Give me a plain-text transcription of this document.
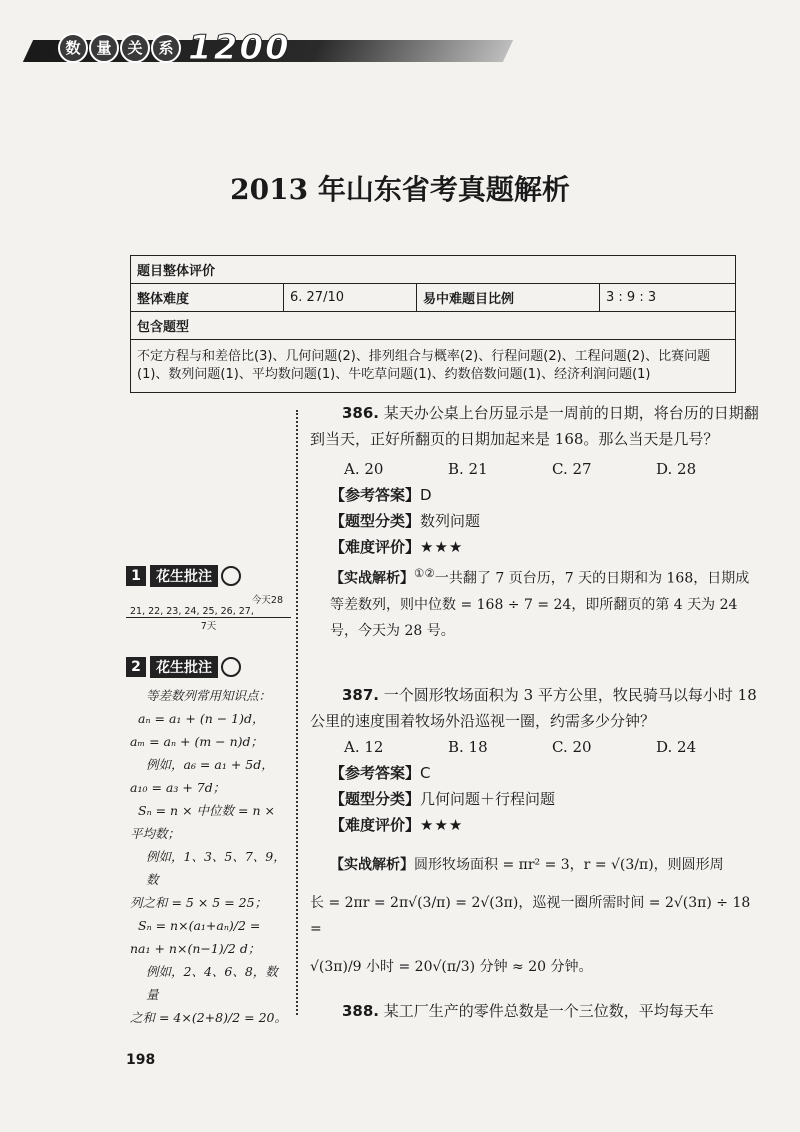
数 量 关 系 1200
2013 年山东省考真题解析
题目整体评价
整体难度	6. 27/10	易中难题目比例	3 : 9 : 3
包含题型
不定方程与和差倍比(3)、几何问题(2)、排列组合与概率(2)、行程问题(2)、工程问题(2)、比赛问题(1)、数列问题(1)、平均数问题(1)、牛吃草问题(1)、约数倍数问题(1)、经济利润问题(1)
1	花生批注
今天28
21, 22, 23, 24, 25, 26, 27,
7天
2	花生批注
等差数列常用知识点：
aₙ = a₁ + (n − 1)d，
aₘ = aₙ + (m − n)d；
例如，a₆ = a₁ + 5d，
a₁₀ = a₃ + 7d；
Sₙ = n × 中位数 = n ×
平均数；
例如，1、3、5、7、9，数
列之和 = 5 × 5 = 25；
Sₙ = n×(a₁+aₙ)/2 =
na₁ + n×(n−1)/2 d；
例如，2、4、6、8，数量
之和 = 4×(2+8)/2 = 20。

386. 某天办公桌上台历显示是一周前的日期，将台历的日期翻到当天，正好所翻页的日期加起来是 168。那么当天是几号？

A. 20	B. 21	C. 27	D. 28

【参考答案】D

【题型分类】数列问题

【难度评价】★★★

【实战解析】①②一共翻了 7 页台历，7 天的日期和为 168，日期成等差数列，则中位数 = 168 ÷ 7 = 24，即所翻页的第 4 天为 24 号，今天为 28 号。

387. 一个圆形牧场面积为 3 平方公里，牧民骑马以每小时 18 公里的速度围着牧场外沿巡视一圈，约需多少分钟？

A. 12	B. 18	C. 20	D. 24

【参考答案】C

【题型分类】几何问题＋行程问题

【难度评价】★★★

【实战解析】圆形牧场面积 = πr² = 3，r = √(3/π)，则圆形周

长 = 2πr = 2π√(3/π) = 2√(3π)，巡视一圈所需时间 = 2√(3π) ÷ 18 =

√(3π)/9 小时 = 20√(π/3) 分钟 ≈ 20 分钟。

388. 某工厂生产的零件总数是一个三位数，平均每天车

198
